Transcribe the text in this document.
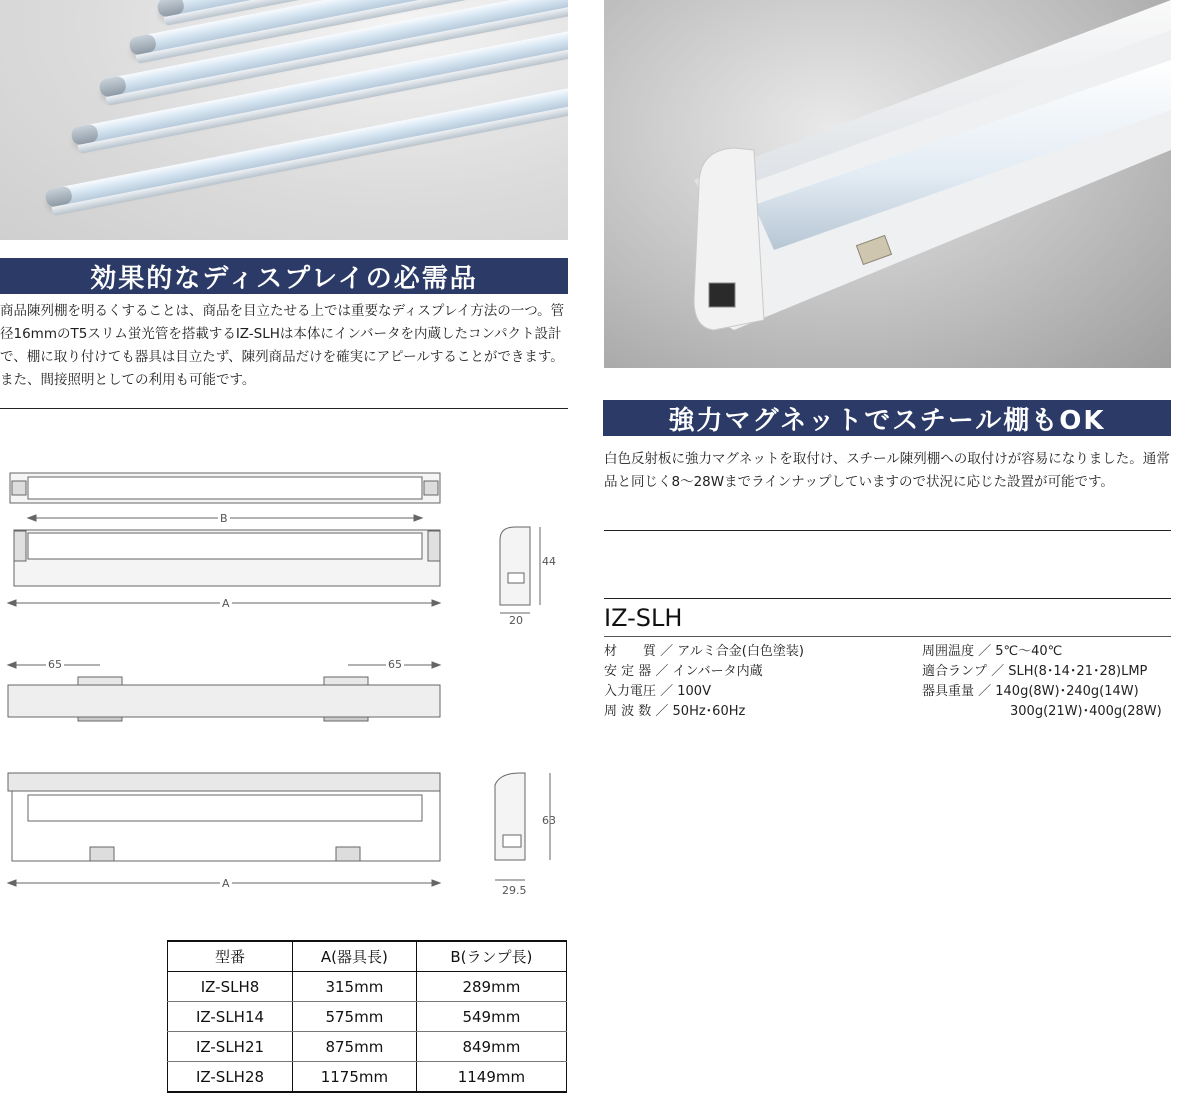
効果的なディスプレイの必需品
商品陳列棚を明るくすることは、商品を目立たせる上では重要なディスプレイ方法の一つ。管径16mmのT5スリム蛍光管を搭載するIZ-SLHは本体にインバータを内蔵したコンパクト設計で、棚に取り付けても器具は目立たず、陳列商品だけを確実にアピールすることができます。また、間接照明としての利用も可能です。
強力マグネットでスチール棚もOK
白色反射板に強力マグネットを取付け、スチール陳列棚への取付けが容易になりました。通常品と同じく8〜28Wまでラインナップしていますので状況に応じた設置が可能です。
IZ-SLH
材　　質 ／ アルミ合金(白色塗装)
安 定 器 ／ インバータ内蔵
入力電圧 ／ 100V
周 波 数 ／ 50Hz･60Hz
周囲温度 ／ 5℃〜40℃
適合ランプ ／ SLH(8･14･21･28)LMP
器具重量 ／ 140g(8W)･240g(14W)
300g(21W)･400g(28W)
B
A
44
20
65	65
A
63
29.5
型番	A(器具長)	B(ランプ長)
IZ-SLH8	315mm	289mm
IZ-SLH14	575mm	549mm
IZ-SLH21	875mm	849mm
IZ-SLH28	1175mm	1149mm
